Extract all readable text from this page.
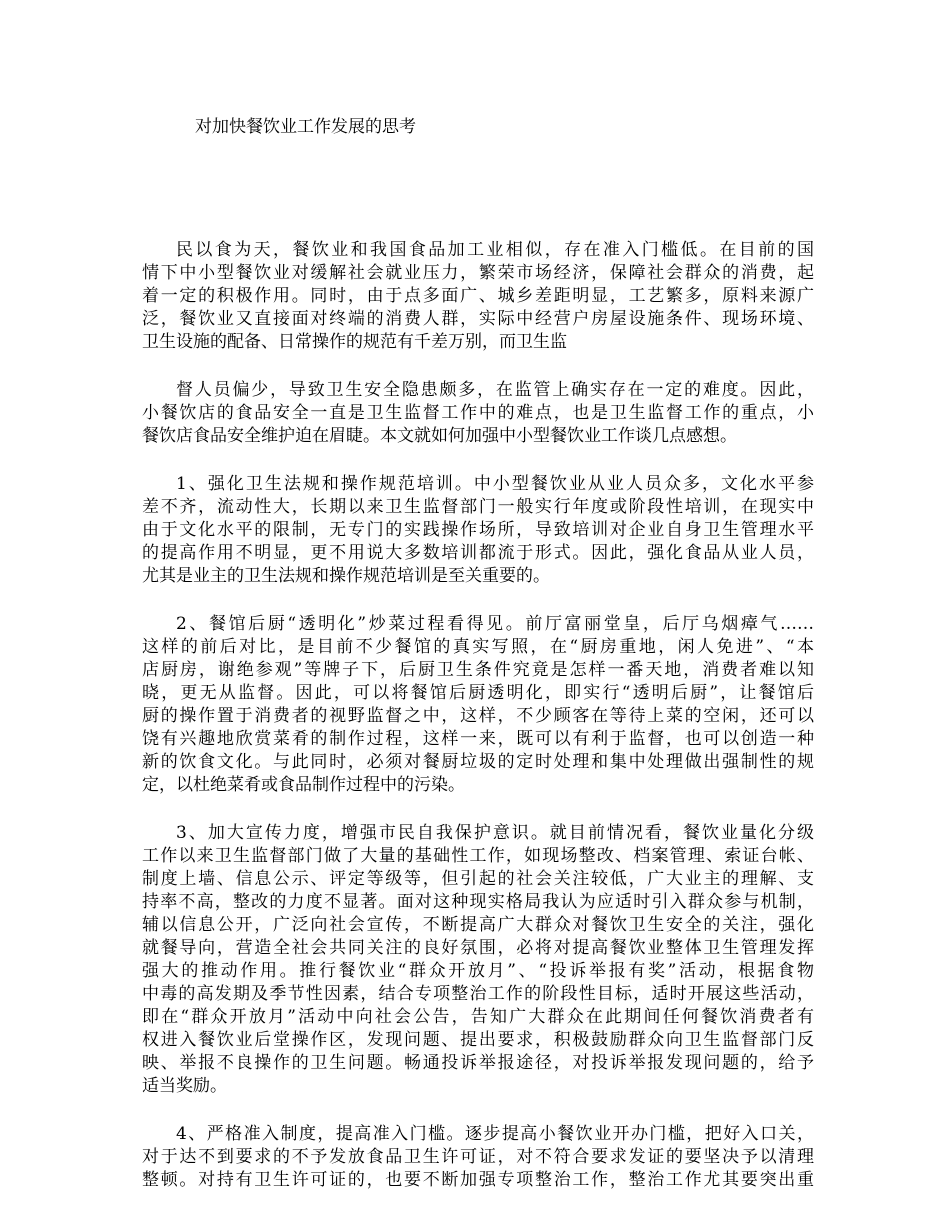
对加快餐饮业工作发展的思考

民以食为天，餐饮业和我国食品加工业相似，存在准入门槛低。在目前的国
情下中小型餐饮业对缓解社会就业压力，繁荣市场经济，保障社会群众的消费，起
着一定的积极作用。同时，由于点多面广、城乡差距明显，工艺繁多，原料来源广
泛，餐饮业又直接面对终端的消费人群，实际中经营户房屋设施条件、现场环境、
卫生设施的配备、日常操作的规范有千差万别，而卫生监

督人员偏少，导致卫生安全隐患颇多，在监管上确实存在一定的难度。因此，
小餐饮店的食品安全一直是卫生监督工作中的难点，也是卫生监督工作的重点，小
餐饮店食品安全维护迫在眉睫。本文就如何加强中小型餐饮业工作谈几点感想。

1、强化卫生法规和操作规范培训。中小型餐饮业从业人员众多，文化水平参
差不齐，流动性大，长期以来卫生监督部门一般实行年度或阶段性培训，在现实中
由于文化水平的限制，无专门的实践操作场所，导致培训对企业自身卫生管理水平
的提高作用不明显，更不用说大多数培训都流于形式。因此，强化食品从业人员，
尤其是业主的卫生法规和操作规范培训是至关重要的。

2、餐馆后厨“透明化”炒菜过程看得见。前厅富丽堂皇，后厅乌烟瘴气……
这样的前后对比，是目前不少餐馆的真实写照，在“厨房重地，闲人免进”、“本
店厨房，谢绝参观”等牌子下，后厨卫生条件究竟是怎样一番天地，消费者难以知
晓，更无从监督。因此，可以将餐馆后厨透明化，即实行“透明后厨”，让餐馆后
厨的操作置于消费者的视野监督之中，这样，不少顾客在等待上菜的空闲，还可以
饶有兴趣地欣赏菜肴的制作过程，这样一来，既可以有利于监督，也可以创造一种
新的饮食文化。与此同时，必须对餐厨垃圾的定时处理和集中处理做出强制性的规
定，以杜绝菜肴或食品制作过程中的污染。

3、加大宣传力度，增强市民自我保护意识。就目前情况看，餐饮业量化分级
工作以来卫生监督部门做了大量的基础性工作，如现场整改、档案管理、索证台帐、
制度上墙、信息公示、评定等级等，但引起的社会关注较低，广大业主的理解、支
持率不高，整改的力度不显著。面对这种现实格局我认为应适时引入群众参与机制，
辅以信息公开，广泛向社会宣传，不断提高广大群众对餐饮卫生安全的关注，强化
就餐导向，营造全社会共同关注的良好氛围，必将对提高餐饮业整体卫生管理发挥
强大的推动作用。推行餐饮业“群众开放月”、“投诉举报有奖”活动，根据食物
中毒的高发期及季节性因素，结合专项整治工作的阶段性目标，适时开展这些活动，
即在“群众开放月”活动中向社会公告，告知广大群众在此期间任何餐饮消费者有
权进入餐饮业后堂操作区，发现问题、提出要求，积极鼓励群众向卫生监督部门反
映、举报不良操作的卫生问题。畅通投诉举报途径，对投诉举报发现问题的，给予
适当奖励。

4、严格准入制度，提高准入门槛。逐步提高小餐饮业开办门槛，把好入口关，
对于达不到要求的不予发放食品卫生许可证，对不符合要求发证的要坚决予以清理
整顿。对持有卫生许可证的，也要不断加强专项整治工作，整治工作尤其要突出重
